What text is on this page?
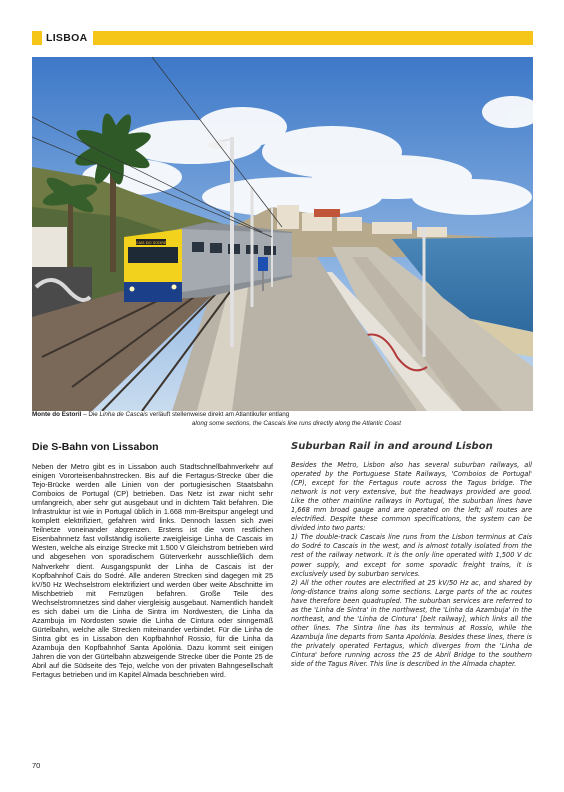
LISBOA
CAIS DO SODRÉ
Monte do Estoril – Die Linha de Cascais verläuft stellenweise direkt am Atlantikufer entlang
along some sections, the Cascais line runs directly along the Atlantic Coast
Die S-Bahn von Lissabon

Neben der Metro gibt es in Lissabon auch Stadtschnellbahnverkehr auf einigen Vororteisenbahnstrecken. Bis auf die Fertagus-Strecke über die Tejo-Brücke werden alle Linien von der portugiesischen Staatsbahn Comboios de Portugal (CP) betrieben. Das Netz ist zwar nicht sehr umfangreich, aber sehr gut ausgebaut und in dichtem Takt befahren. Die Infrastruktur ist wie in Portugal üblich in 1.668 mm-Breitspur angelegt und komplett elektrifiziert, gefahren wird links. Dennoch lassen sich zwei Teilnetze voneinander abgrenzen. Erstens ist die vom restlichen Eisenbahnnetz fast vollständig isolierte zweigleisige Linha de Cascais im Westen, welche als einzige Strecke mit 1.500 V Gleichstrom betrieben wird und abgesehen von sporadischem Güterverkehr ausschließlich dem Nahverkehr dient. Ausgangspunkt der Linha de Cascais ist der Kopfbahnhof Cais do Sodré. Alle anderen Strecken sind dagegen mit 25 kV/50 Hz Wechselstrom elektrifiziert und werden über weite Abschnitte im Mischbetrieb mit Fernzügen befahren. Große Teile des Wechselstromnetzes sind daher viergleisig ausgebaut. Namentlich handelt es sich dabei um die Linha de Sintra im Nordwesten, die Linha da Azambuja im Nordosten sowie die Linha de Cintura oder sinngemäß Gürtelbahn, welche alle Strecken miteinander verbindet. Für die Linha de Sintra gibt es in Lissabon den Kopfbahnhof Rossio, für die Linha da Azambuja den Kopfbahnhof Santa Apolónia. Dazu kommt seit einigen Jahren die von der Gürtelbahn abzweigende Strecke über die Ponte 25 de Abril auf die Südseite des Tejo, welche von der privaten Bahngesellschaft Fertagus betrieben und im Kapitel Almada beschrieben wird.

Suburban Rail in and around Lisbon

Besides the Metro, Lisbon also has several suburban railways, all operated by the Portuguese State Railways, 'Comboios de Portugal' (CP), except for the Fertagus route across the Tagus bridge. The network is not very extensive, but the headways provided are good. Like the other mainline railways in Portugal, the suburban lines have 1,668 mm broad gauge and are operated on the left; all routes are electrified. Despite these common specifications, the system can be divided into two parts:

1) The double-track Cascais line runs from the Lisbon terminus at Cais do Sodré to Cascais in the west, and is almost totally isolated from the rest of the railway network. It is the only line operated with 1,500 V dc power supply, and except for some sporadic freight trains, it is exclusively used by suburban services.

2) All the other routes are electrified at 25 kV/50 Hz ac, and shared by long-distance trains along some sections. Large parts of the ac routes have therefore been quadrupled. The suburban services are referred to as the 'Linha de Sintra' in the northwest, the 'Linha da Azambuja' in the northeast, and the 'Linha de Cintura' [belt railway], which links all the other lines. The Sintra line has its terminus at Rossio, while the Azambuja line departs from Santa Apolónia. Besides these lines, there is the privately operated Fertagus, which diverges from the 'Linha de Cintura' before running across the 25 de Abril Bridge to the southern side of the Tagus River. This line is described in the Almada chapter.

70
